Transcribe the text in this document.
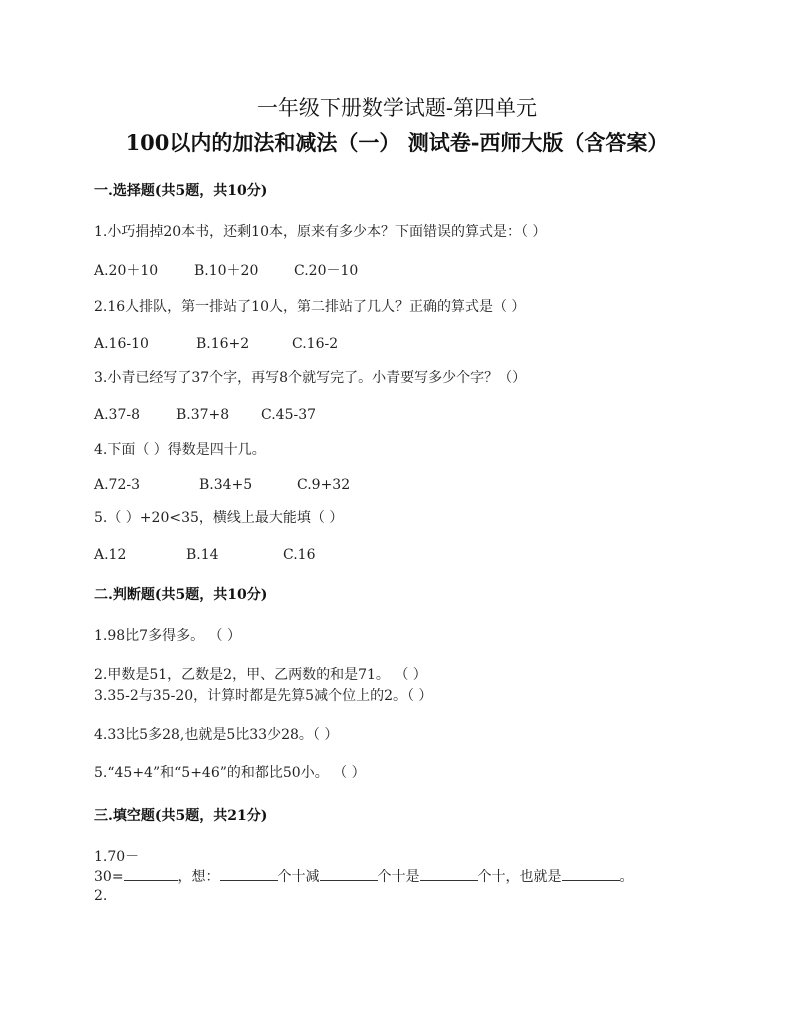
一年级下册数学试题-第四单元
100以内的加法和减法（一） 测试卷-西师大版（含答案）
一.选择题(共5题，共10分)
1.小巧捐掉20本书，还剩10本，原来有多少本？下面错误的算式是：（ ）
A.20＋10	B.10＋20	C.20－10
2.16人排队，第一排站了10人，第二排站了几人？正确的算式是（ ）
A.16-10	B.16+2	C.16-2
3.小青已经写了37个字，再写8个就写完了。小青要写多少个字？（）
A.37-8	B.37+8 C.45-37
4.下面（ ）得数是四十几。
A.72-3	B.34+5	C.9+32
5.（ ）+20<35，横线上最大能填（ ）
A.12	B.14	C.16
二.判断题(共5题，共10分)
1.98比7多得多。 （ ）
2.甲数是51，乙数是2，甲、乙两数的和是71。 （ ）
3.35-2与35-20，计算时都是先算5减个位上的2。（ ）
4.33比5多28,也就是5比33少28。（ ）
5.“45+4”和“5+46”的和都比50小。 （ ）
三.填空题(共5题，共21分)
1.70－
30=	，想：	个十减	个十是	个十，也就是	。
2.
